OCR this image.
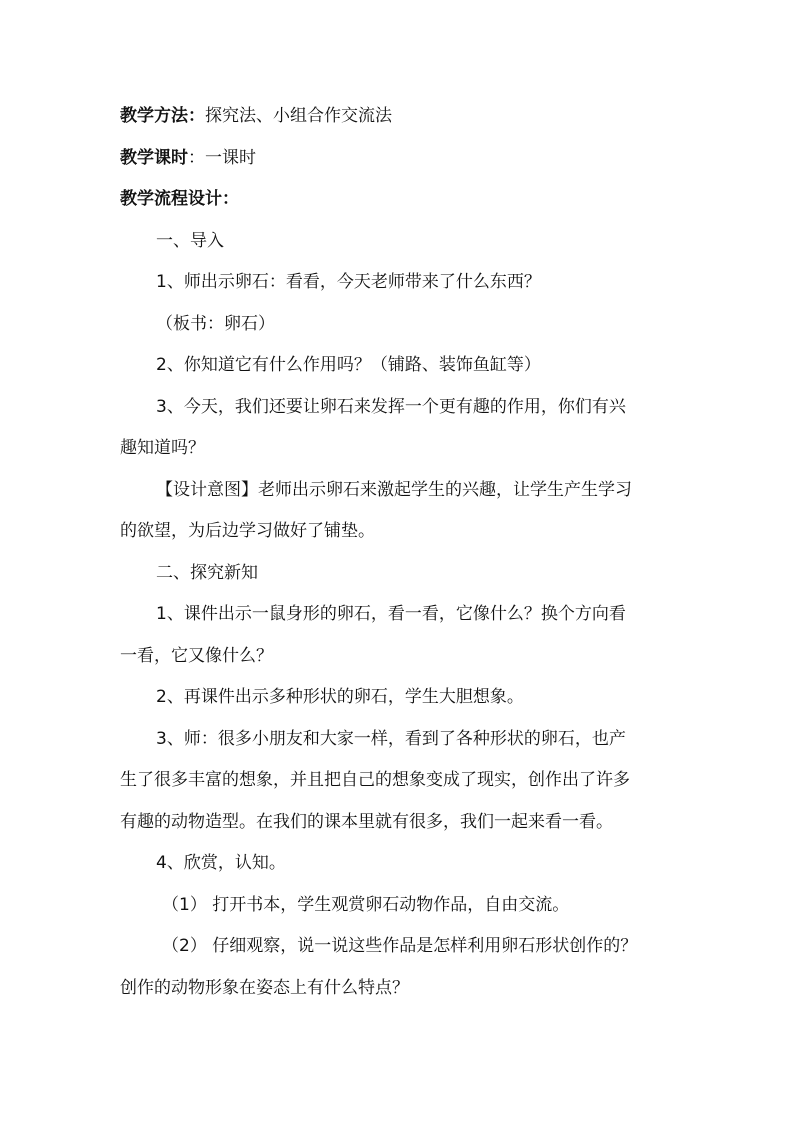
教学方法：探究法、小组合作交流法
教学课时：一课时
教学流程设计：
一、导入
1、师出示卵石：看看，今天老师带来了什么东西？
（板书：卵石）
2、你知道它有什么作用吗？（铺路、装饰鱼缸等）
3、今天，我们还要让卵石来发挥一个更有趣的作用，你们有兴
趣知道吗？
【设计意图】老师出示卵石来激起学生的兴趣，让学生产生学习
的欲望，为后边学习做好了铺垫。
二、探究新知
1、课件出示一鼠身形的卵石，看一看，它像什么？换个方向看
一看，它又像什么？
2、再课件出示多种形状的卵石，学生大胆想象。
3、师：很多小朋友和大家一样，看到了各种形状的卵石，也产
生了很多丰富的想象，并且把自己的想象变成了现实，创作出了许多
有趣的动物造型。在我们的课本里就有很多，我们一起来看一看。
4、欣赏，认知。
（1） 打开书本，学生观赏卵石动物作品，自由交流。
（2） 仔细观察，说一说这些作品是怎样利用卵石形状创作的？
创作的动物形象在姿态上有什么特点？
